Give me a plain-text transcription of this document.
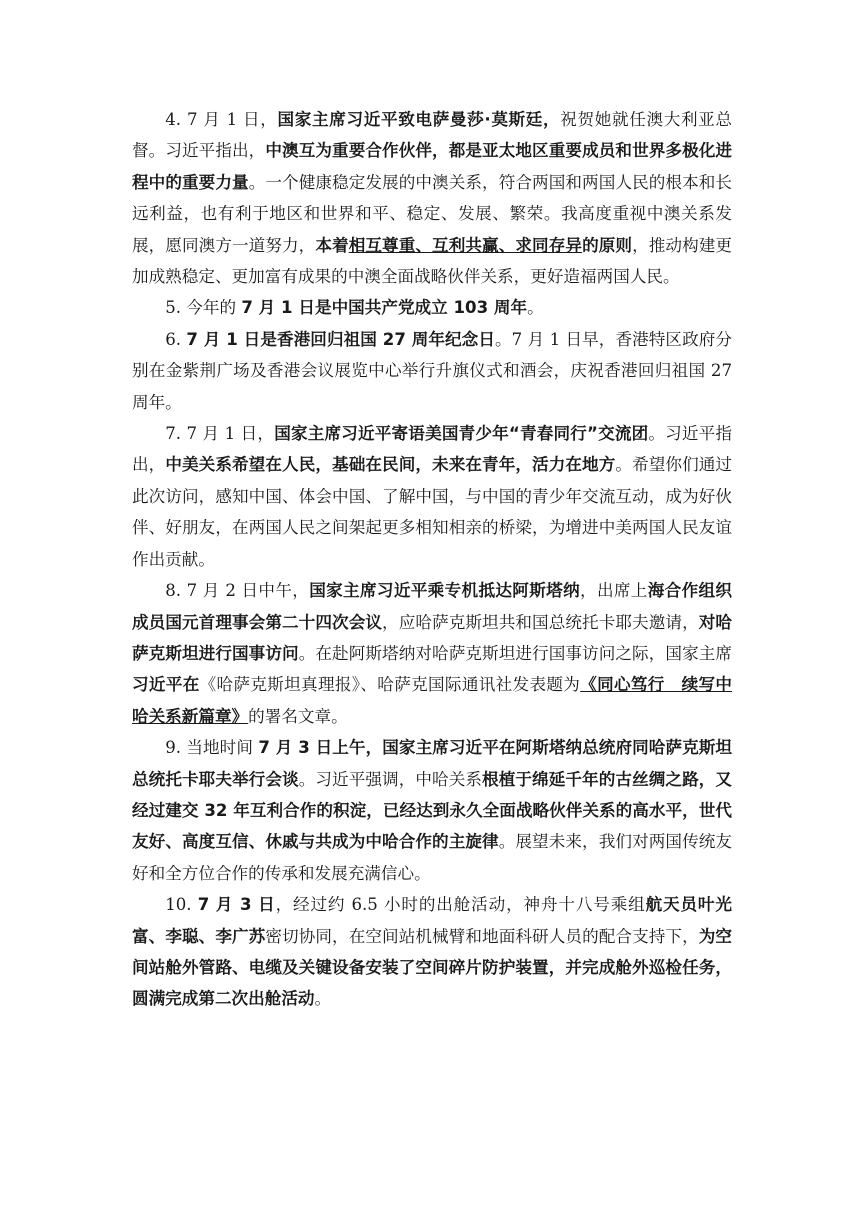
4. 7 月 1 日，国家主席习近平致电萨曼莎·莫斯廷，祝贺她就任澳大利亚总督。习近平指出，中澳互为重要合作伙伴，都是亚太地区重要成员和世界多极化进程中的重要力量。一个健康稳定发展的中澳关系，符合两国和两国人民的根本和长远利益，也有利于地区和世界和平、稳定、发展、繁荣。我高度重视中澳关系发展，愿同澳方一道努力，本着相互尊重、互利共赢、求同存异的原则，推动构建更加成熟稳定、更加富有成果的中澳全面战略伙伴关系，更好造福两国人民。

5. 今年的 7 月 1 日是中国共产党成立 103 周年。

6. 7 月 1 日是香港回归祖国 27 周年纪念日。7 月 1 日早，香港特区政府分别在金紫荆广场及香港会议展览中心举行升旗仪式和酒会，庆祝香港回归祖国 27 周年。

7. 7 月 1 日，国家主席习近平寄语美国青少年“青春同行”交流团。习近平指出，中美关系希望在人民，基础在民间，未来在青年，活力在地方。希望你们通过此次访问，感知中国、体会中国、了解中国，与中国的青少年交流互动，成为好伙伴、好朋友，在两国人民之间架起更多相知相亲的桥梁，为增进中美两国人民友谊作出贡献。

8. 7 月 2 日中午，国家主席习近平乘专机抵达阿斯塔纳，出席上海合作组织成员国元首理事会第二十四次会议，应哈萨克斯坦共和国总统托卡耶夫邀请，对哈萨克斯坦进行国事访问。在赴阿斯塔纳对哈萨克斯坦进行国事访问之际，国家主席习近平在《哈萨克斯坦真理报》、哈萨克国际通讯社发表题为《同心笃行　续写中哈关系新篇章》的署名文章。

9. 当地时间 7 月 3 日上午，国家主席习近平在阿斯塔纳总统府同哈萨克斯坦总统托卡耶夫举行会谈。习近平强调，中哈关系根植于绵延千年的古丝绸之路，又经过建交 32 年互利合作的积淀，已经达到永久全面战略伙伴关系的高水平，世代友好、高度互信、休戚与共成为中哈合作的主旋律。展望未来，我们对两国传统友好和全方位合作的传承和发展充满信心。

10. 7 月 3 日，经过约 6.5 小时的出舱活动，神舟十八号乘组航天员叶光富、李聪、李广苏密切协同，在空间站机械臂和地面科研人员的配合支持下，为空间站舱外管路、电缆及关键设备安装了空间碎片防护装置，并完成舱外巡检任务，圆满完成第二次出舱活动。
